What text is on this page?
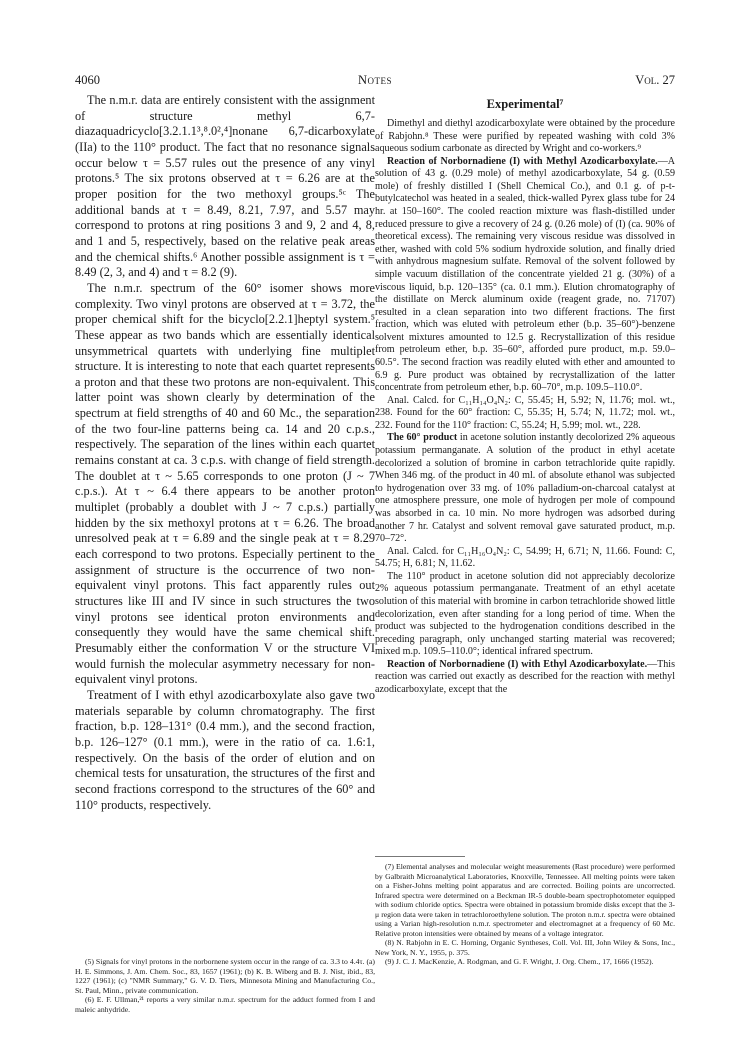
4060	Notes	Vol. 27

The n.m.r. data are entirely consistent with the assignment of structure methyl 6,7-diazaquadricyclo[3.2.1.1³,⁸.0²,⁴]nonane 6,7-dicarboxylate (IIa) to the 110° product. The fact that no resonance signals occur below τ = 5.57 rules out the presence of any vinyl protons.⁵ The six protons observed at τ = 6.26 are at the proper position for the two methoxyl groups.⁵ᶜ The additional bands at τ = 8.49, 8.21, 7.97, and 5.57 may correspond to protons at ring positions 3 and 9, 2 and 4, 8, and 1 and 5, respectively, based on the relative peak areas and the chemical shifts.⁶ Another possible assignment is τ = 8.49 (2, 3, and 4) and τ = 8.2 (9).

The n.m.r. spectrum of the 60° isomer shows more complexity. Two vinyl protons are observed at τ = 3.72, the proper chemical shift for the bicyclo[2.2.1]heptyl system.⁵ These appear as two bands which are essentially identical unsymmetrical quartets with underlying fine multiplet structure. It is interesting to note that each quartet represents a proton and that these two protons are non-equivalent. This latter point was shown clearly by determination of the spectrum at field strengths of 40 and 60 Mc., the separation of the two four-line patterns being ca. 14 and 20 c.p.s., respectively. The separation of the lines within each quartet remains constant at ca. 3 c.p.s. with change of field strength. The doublet at τ ~ 5.65 corresponds to one proton (J ~ 7 c.p.s.). At τ ~ 6.4 there appears to be another proton multiplet (probably a doublet with J ~ 7 c.p.s.) partially hidden by the six methoxyl protons at τ = 6.26. The broad unresolved peak at τ = 6.89 and the single peak at τ = 8.29 each correspond to two protons. Especially pertinent to the assignment of structure is the occurrence of two non-equivalent vinyl protons. This fact apparently rules out structures like III and IV since in such structures the two vinyl protons see identical proton environments and consequently they would have the same chemical shift. Presumably either the conformation V or the structure VI would furnish the molecular asymmetry necessary for non-equivalent vinyl protons.

Treatment of I with ethyl azodicarboxylate also gave two materials separable by column chromatography. The first fraction, b.p. 128–131° (0.4 mm.), and the second fraction, b.p. 126–127° (0.1 mm.), were in the ratio of ca. 1.6:1, respectively. On the basis of the order of elution and on chemical tests for unsaturation, the structures of the first and second fractions correspond to the structures of the 60° and 110° products, respectively.

(5) Signals for vinyl protons in the norbornene system occur in the range of ca. 3.3 to 4.4τ. (a) H. E. Simmons, J. Am. Chem. Soc., 83, 1657 (1961); (b) K. B. Wiberg and B. J. Nist, ibid., 83, 1227 (1961); (c) "NMR Summary," G. V. D. Tiers, Minnesota Mining and Manufacturing Co., St. Paul, Minn., private communication.

(6) E. F. Ullman,²¹ reports a very similar n.m.r. spectrum for the adduct formed from I and maleic anhydride.

Experimental⁷

Dimethyl and diethyl azodicarboxylate were obtained by the procedure of Rabjohn.⁸ These were purified by repeated washing with cold 3% aqueous sodium carbonate as directed by Wright and co-workers.⁹

Reaction of Norbornadiene (I) with Methyl Azodicarboxylate.—A solution of 43 g. (0.29 mole) of methyl azodicarboxylate, 54 g. (0.59 mole) of freshly distilled I (Shell Chemical Co.), and 0.1 g. of p-t-butylcatechol was heated in a sealed, thick-walled Pyrex glass tube for 24 hr. at 150–160°. The cooled reaction mixture was flash-distilled under reduced pressure to give a recovery of 24 g. (0.26 mole) of (I) (ca. 90% of theoretical excess). The remaining very viscous residue was dissolved in ether, washed with cold 5% sodium hydroxide solution, and finally dried with anhydrous magnesium sulfate. Removal of the solvent followed by simple vacuum distillation of the concentrate yielded 21 g. (30%) of a viscous liquid, b.p. 120–135° (ca. 0.1 mm.). Elution chromatography of the distillate on Merck aluminum oxide (reagent grade, no. 71707) resulted in a clean separation into two different fractions. The first fraction, which was eluted with petroleum ether (b.p. 35–60°)-benzene solvent mixtures amounted to 12.5 g. Recrystallization of this residue from petroleum ether, b.p. 35–60°, afforded pure product, m.p. 59.0–60.5°. The second fraction was readily eluted with ether and amounted to 6.9 g. Pure product was obtained by recrystallization of the latter concentrate from petroleum ether, b.p. 60–70°, m.p. 109.5–110.0°.

Anal. Calcd. for C₁₁H₁₄O₄N₂: C, 55.45; H, 5.92; N, 11.76; mol. wt., 238. Found for the 60° fraction: C, 55.35; H, 5.74; N, 11.72; mol. wt., 232. Found for the 110° fraction: C, 55.24; H, 5.99; mol. wt., 228.

The 60° product in acetone solution instantly decolorized 2% aqueous potassium permanganate. A solution of the product in ethyl acetate decolorized a solution of bromine in carbon tetrachloride quite rapidly. When 346 mg. of the product in 40 ml. of absolute ethanol was subjected to hydrogenation over 33 mg. of 10% palladium-on-charcoal catalyst at one atmosphere pressure, one mole of hydrogen per mole of compound was absorbed in ca. 10 min. No more hydrogen was adsorbed during another 7 hr. Catalyst and solvent removal gave saturated product, m.p. 70–72°.

Anal. Calcd. for C₁₁H₁₆O₄N₂: C, 54.99; H, 6.71; N, 11.66. Found: C, 54.75; H, 6.81; N, 11.62.

The 110° product in acetone solution did not appreciably decolorize 2% aqueous potassium permanganate. Treatment of an ethyl acetate solution of this material with bromine in carbon tetrachloride showed little decolorization, even after standing for a long period of time. When the product was subjected to the hydrogenation conditions described in the preceding paragraph, only unchanged starting material was recovered; mixed m.p. 109.5–110.0°; identical infrared spectrum.

Reaction of Norbornadiene (I) with Ethyl Azodicarboxylate.—This reaction was carried out exactly as described for the reaction with methyl azodicarboxylate, except that the

(7) Elemental analyses and molecular weight measurements (Rast procedure) were performed by Galbraith Microanalytical Laboratories, Knoxville, Tennessee. All melting points were taken on a Fisher-Johns melting point apparatus and are corrected. Boiling points are uncorrected. Infrared spectra were determined on a Beckman IR-5 double-beam spectrophotometer equipped with sodium chloride optics. Spectra were obtained in potassium bromide disks except that the 3-μ region data were taken in tetrachloroethylene solution. The proton n.m.r. spectra were obtained using a Varian high-resolution n.m.r. spectrometer and electromagnet at a frequency of 60 Mc. Relative proton intensities were obtained by means of a voltage integrator.

(8) N. Rabjohn in E. C. Horning, Organic Syntheses, Coll. Vol. III, John Wiley & Sons, Inc., New York, N. Y., 1955, p. 375.

(9) J. C. J. MacKenzie, A. Rodgman, and G. F. Wright, J. Org. Chem., 17, 1666 (1952).
